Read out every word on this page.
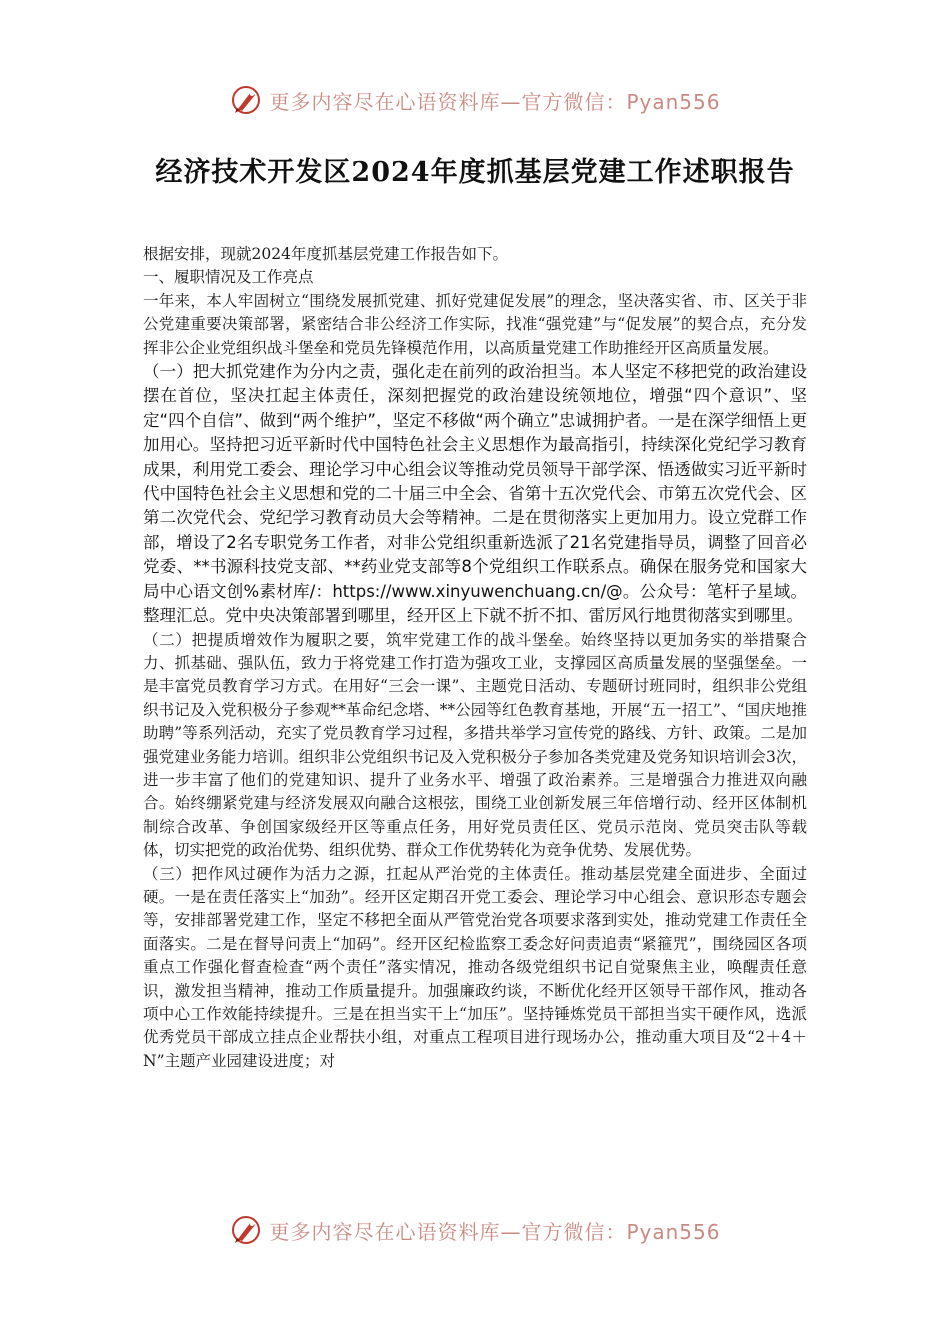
更多内容尽在心语资料库—官方微信：Pyan556
经济技术开发区2024年度抓基层党建工作述职报告

根据安排，现就2024年度抓基层党建工作报告如下。

一、履职情况及工作亮点

一年来，本人牢固树立“围绕发展抓党建、抓好党建促发展”的理念，坚决落实省、市、区关于非公党建重要决策部署，紧密结合非公经济工作实际，找准“强党建”与“促发展”的契合点，充分发挥非公企业党组织战斗堡垒和党员先锋模范作用，以高质量党建工作助推经开区高质量发展。

（一）把大抓党建作为分内之责，强化走在前列的政治担当。本人坚定不移把党的政治建设摆在首位，坚决扛起主体责任，深刻把握党的政治建设统领地位，增强“四个意识”、坚定“四个自信”、做到“两个维护”，坚定不移做“两个确立”忠诚拥护者。一是在深学细悟上更加用心。坚持把习近平新时代中国特色社会主义思想作为最高指引，持续深化党纪学习教育成果，利用党工委会、理论学习中心组会议等推动党员领导干部学深、悟透做实习近平新时代中国特色社会主义思想和党的二十届三中全会、省第十五次党代会、市第五次党代会、区第二次党代会、党纪学习教育动员大会等精神。二是在贯彻落实上更加用力。设立党群工作部，增设了2名专职党务工作者，对非公党组织重新选派了21名党建指导员，调整了回音必党委、**书源科技党支部、**药业党支部等8个党组织工作联系点。确保在服务党和国家大局中心语文创%素材库/：https://www.xinyuwenchuang.cn/@。公众号：笔杆子星域。整理汇总。党中央决策部署到哪里，经开区上下就不折不扣、雷厉风行地贯彻落实到哪里。

（二）把提质增效作为履职之要，筑牢党建工作的战斗堡垒。始终坚持以更加务实的举措聚合力、抓基础、强队伍，致力于将党建工作打造为强攻工业，支撑园区高质量发展的坚强堡垒。一是丰富党员教育学习方式。在用好“三会一课”、主题党日活动、专题研讨班同时，组织非公党组织书记及入党积极分子参观**革命纪念塔、**公园等红色教育基地，开展“五一招工”、“国庆地推助聘”等系列活动，充实了党员教育学习过程，多措共举学习宣传党的路线、方针、政策。二是加强党建业务能力培训。组织非公党组织书记及入党积极分子参加各类党建及党务知识培训会3次，进一步丰富了他们的党建知识、提升了业务水平、增强了政治素养。三是增强合力推进双向融合。始终绷紧党建与经济发展双向融合这根弦，围绕工业创新发展三年倍增行动、经开区体制机制综合改革、争创国家级经开区等重点任务，用好党员责任区、党员示范岗、党员突击队等载体，切实把党的政治优势、组织优势、群众工作优势转化为竞争优势、发展优势。

（三）把作风过硬作为活力之源，扛起从严治党的主体责任。推动基层党建全面进步、全面过硬。一是在责任落实上“加劲”。经开区定期召开党工委会、理论学习中心组会、意识形态专题会等，安排部署党建工作，坚定不移把全面从严管党治党各项要求落到实处，推动党建工作责任全面落实。二是在督导问责上“加码”。经开区纪检监察工委念好问责追责“紧箍咒”，围绕园区各项重点工作强化督查检查“两个责任”落实情况，推动各级党组织书记自觉聚焦主业，唤醒责任意识，激发担当精神，推动工作质量提升。加强廉政约谈，不断优化经开区领导干部作风，推动各项中心工作效能持续提升。三是在担当实干上“加压”。坚持锤炼党员干部担当实干硬作风，选派优秀党员干部成立挂点企业帮扶小组，对重点工程项目进行现场办公，推动重大项目及“2＋4＋N”主题产业园建设进度；对

更多内容尽在心语资料库—官方微信：Pyan556
